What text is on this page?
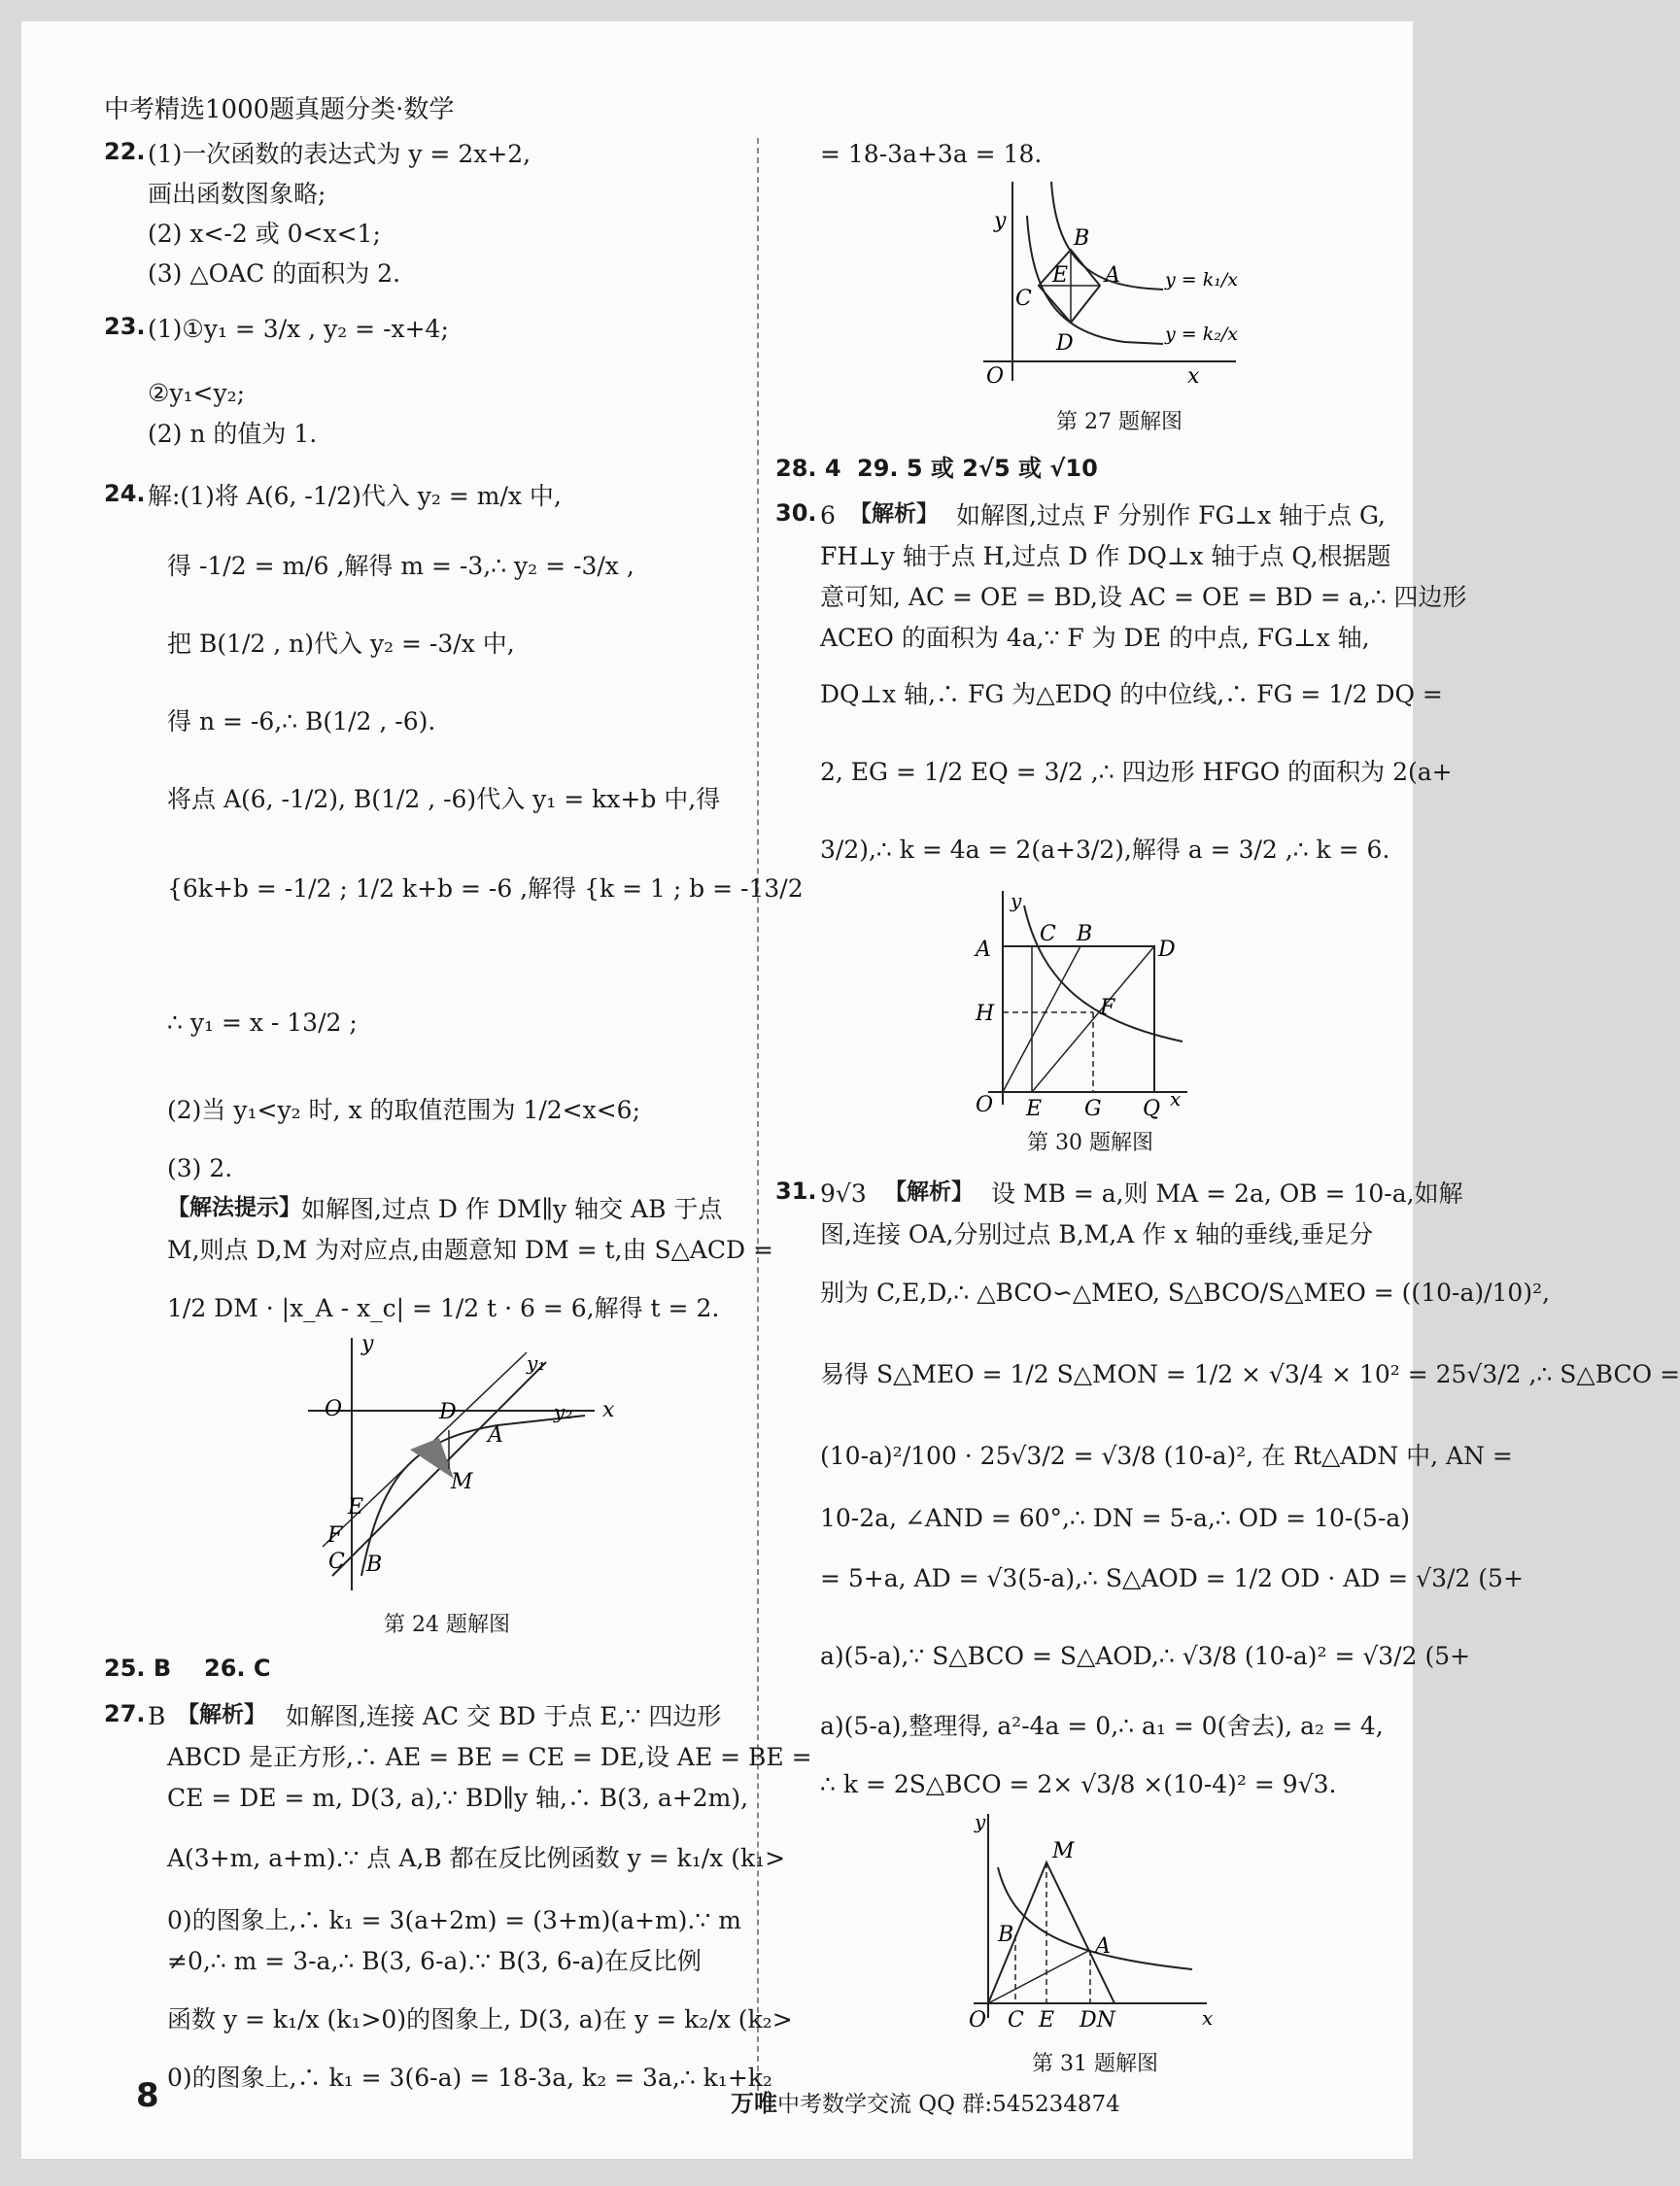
中考精选1000题真题分类·数学
22. (1)一次函数的表达式为 y = 2x+2,
画出函数图象略;
(2) x<-2 或 0<x<1;
(3) △OAC 的面积为 2.
23. (1)①y₁ = 3/x , y₂ = -x+4;
②y₁<y₂;
(2) n 的值为 1.
24. 解:(1)将 A(6, -1/2)代入 y₂ = m/x 中,
得 -1/2 = m/6 ,解得 m = -3,∴ y₂ = -3/x ,
把 B(1/2 , n)代入 y₂ = -3/x 中,
得 n = -6,∴ B(1/2 , -6).
将点 A(6, -1/2), B(1/2 , -6)代入 y₁ = kx+b 中,得
{6k+b = -1/2 ; 1/2 k+b = -6 ,解得 {k = 1 ; b = -13/2
∴ y₁ = x - 13/2 ;
(2)当 y₁<y₂ 时, x 的取值范围为 1/2<x<6;
(3) 2.
【解法提示】 如解图,过点 D 作 DM∥y 轴交 AB 于点
M,则点 D,M 为对应点,由题意知 DM = t,由 S△ACD =
1/2 DM · |x_A - x_c| = 1/2 t · 6 = 6,解得 t = 2.
y
x
O
y₁
y₂
D
A
M
E
F
C B
第 24 题解图
25. B 26. C
27. B 【解析】 如解图,连接 AC 交 BD 于点 E,∵ 四边形
ABCD 是正方形,∴ AE = BE = CE = DE,设 AE = BE =
CE = DE = m, D(3, a),∵ BD∥y 轴,∴ B(3, a+2m),
A(3+m, a+m).∵ 点 A,B 都在反比例函数 y = k₁/x (k₁>
0)的图象上,∴ k₁ = 3(a+2m) = (3+m)(a+m).∵ m
≠0,∴ m = 3-a,∴ B(3, 6-a).∵ B(3, 6-a)在反比例
函数 y = k₁/x (k₁>0)的图象上, D(3, a)在 y = k₂/x (k₂>
0)的图象上,∴ k₁ = 3(6-a) = 18-3a, k₂ = 3a,∴ k₁+k₂
= 18-3a+3a = 18.
y
x
O
B
E A
C
D
y = k₁/x
y = k₂/x
第 27 题解图
28. 4 29. 5 或 2√5 或 √10
30. 6 【解析】 如解图,过点 F 分别作 FG⊥x 轴于点 G,
FH⊥y 轴于点 H,过点 D 作 DQ⊥x 轴于点 Q,根据题
意可知, AC = OE = BD,设 AC = OE = BD = a,∴ 四边形
ACEO 的面积为 4a,∵ F 为 DE 的中点, FG⊥x 轴,
DQ⊥x 轴,∴ FG 为△EDQ 的中位线,∴ FG = 1/2 DQ =
2, EG = 1/2 EQ = 3/2 ,∴ 四边形 HFGO 的面积为 2(a+
3/2),∴ k = 4a = 2(a+3/2),解得 a = 3/2 ,∴ k = 6.
y
x
O
A
C B
D
H	F
E G Q
第 30 题解图
31. 9√3 【解析】 设 MB = a,则 MA = 2a, OB = 10-a,如解
图,连接 OA,分别过点 B,M,A 作 x 轴的垂线,垂足分
别为 C,E,D,∴ △BCO∽△MEO, S△BCO/S△MEO = ((10-a)/10)²,
易得 S△MEO = 1/2 S△MON = 1/2 × √3/4 × 10² = 25√3/2 ,∴ S△BCO =
(10-a)²/100 · 25√3/2 = √3/8 (10-a)², 在 Rt△ADN 中, AN =
10-2a, ∠AND = 60°,∴ DN = 5-a,∴ OD = 10-(5-a)
= 5+a, AD = √3(5-a),∴ S△AOD = 1/2 OD · AD = √3/2 (5+
a)(5-a),∵ S△BCO = S△AOD,∴ √3/8 (10-a)² = √3/2 (5+
a)(5-a),整理得, a²-4a = 0,∴ a₁ = 0(舍去), a₂ = 4,
∴ k = 2S△BCO = 2× √3/8 ×(10-4)² = 9√3.
y
x
O
M
B	A
C E DN
第 31 题解图
8	万唯中考数学交流 QQ 群:545234874
